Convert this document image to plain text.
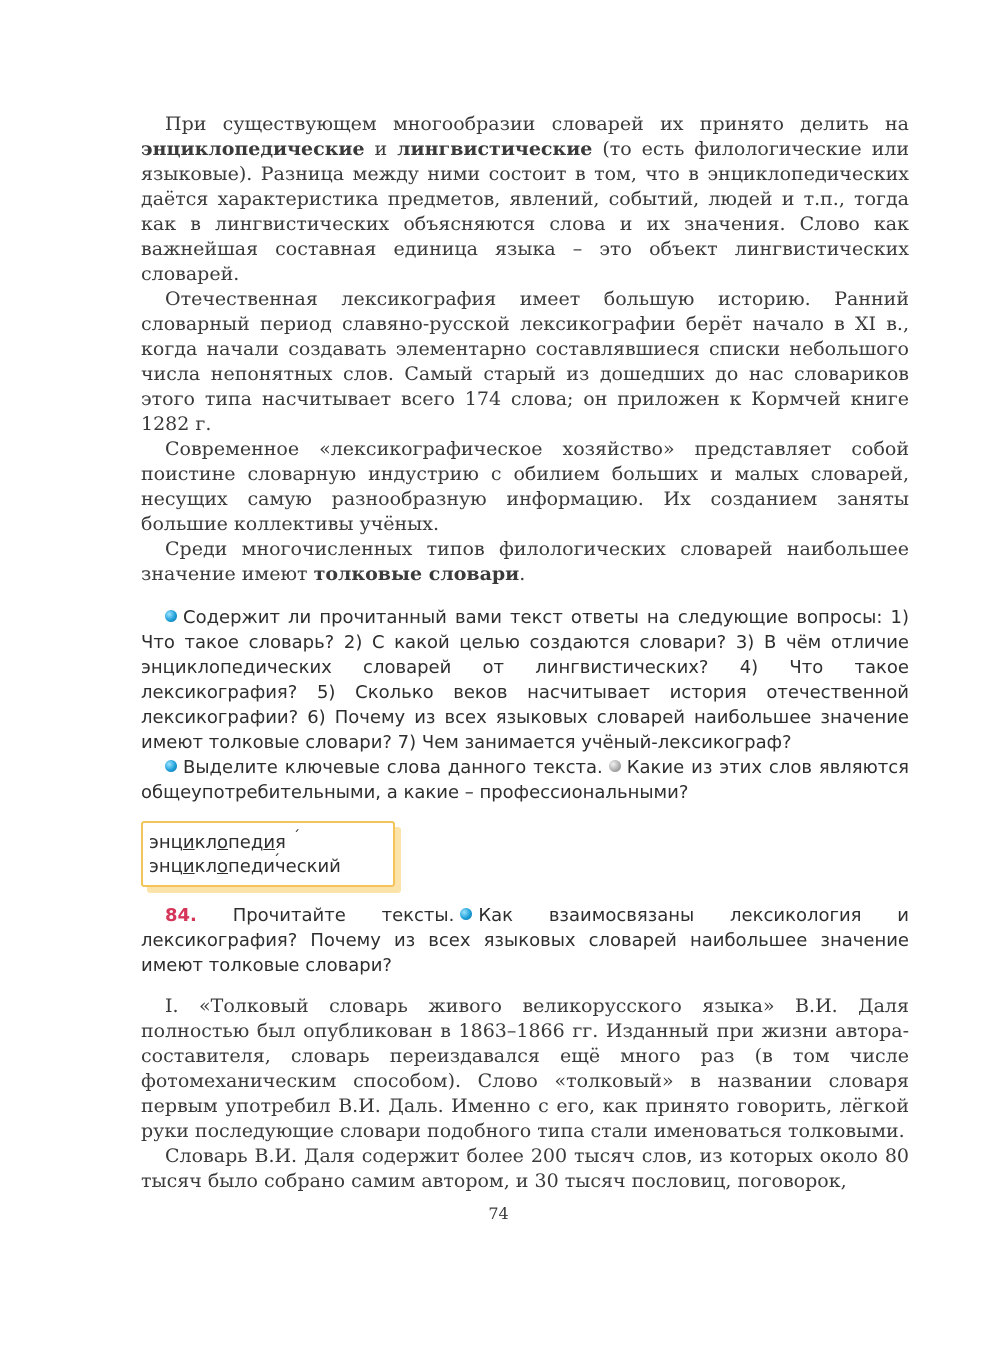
При существующем многообразии словарей их принято делить на энциклопедические и лингвистические (то есть филологические или языковые). Разница между ними состоит в том, что в энциклопедических даётся характеристика предметов, явлений, событий, людей и т.п., тогда как в лингвистических объясняются слова и их значения. Слово как важнейшая составная единица языка – это объект лингвистических словарей.

Отечественная лексикография имеет большую историю. Ранний словарный период славяно-русской лексикографии берёт начало в XI в., когда начали создавать элементарно составлявшиеся списки небольшого числа непонятных слов. Самый старый из дошедших до нас словариков этого типа насчитывает всего 174 слова; он приложен к Кормчей книге 1282 г.

Современное «лексикографическое хозяйство» представляет собой поистине словарную индустрию с обилием больших и малых словарей, несущих самую разнообразную информацию. Их созданием заняты большие коллективы учёных.

Среди многочисленных типов филологических словарей наибольшее значение имеют толковые словари.

Содержит ли прочитанный вами текст ответы на следующие вопросы: 1) Что такое словарь? 2) С какой целью создаются словари? 3) В чём отличие энциклопедических словарей от лингвистических? 4) Что такое лексикография? 5) Сколько веков насчитывает история отечественной лексикографии? 6) Почему из всех языковых словарей наибольшее значение имеют толковые словари? 7) Чем занимается учёный-лексикограф?

Выделите ключевые слова данного текста. Какие из этих слов являются общеупотребительными, а какие – профессиональными?

энциклопедия
энциклопедический

84. Прочитайте тексты. Как взаимосвязаны лексикология и лексикография? Почему из всех языковых словарей наибольшее значение имеют толковые словари?

I. «Толковый словарь живого великорусского языка» В.И. Даля полностью был опубликован в 1863–1866 гг. Изданный при жизни автора-составителя, словарь переиздавался ещё много раз (в том числе фотомеханическим способом). Слово «толковый» в названии словаря первым употребил В.И. Даль. Именно с его, как принято говорить, лёгкой руки последующие словари подобного типа стали именоваться толковыми.

Словарь В.И. Даля содержит более 200 тысяч слов, из которых около 80 тысяч было собрано самим автором, и 30 тысяч пословиц, поговорок,

74
